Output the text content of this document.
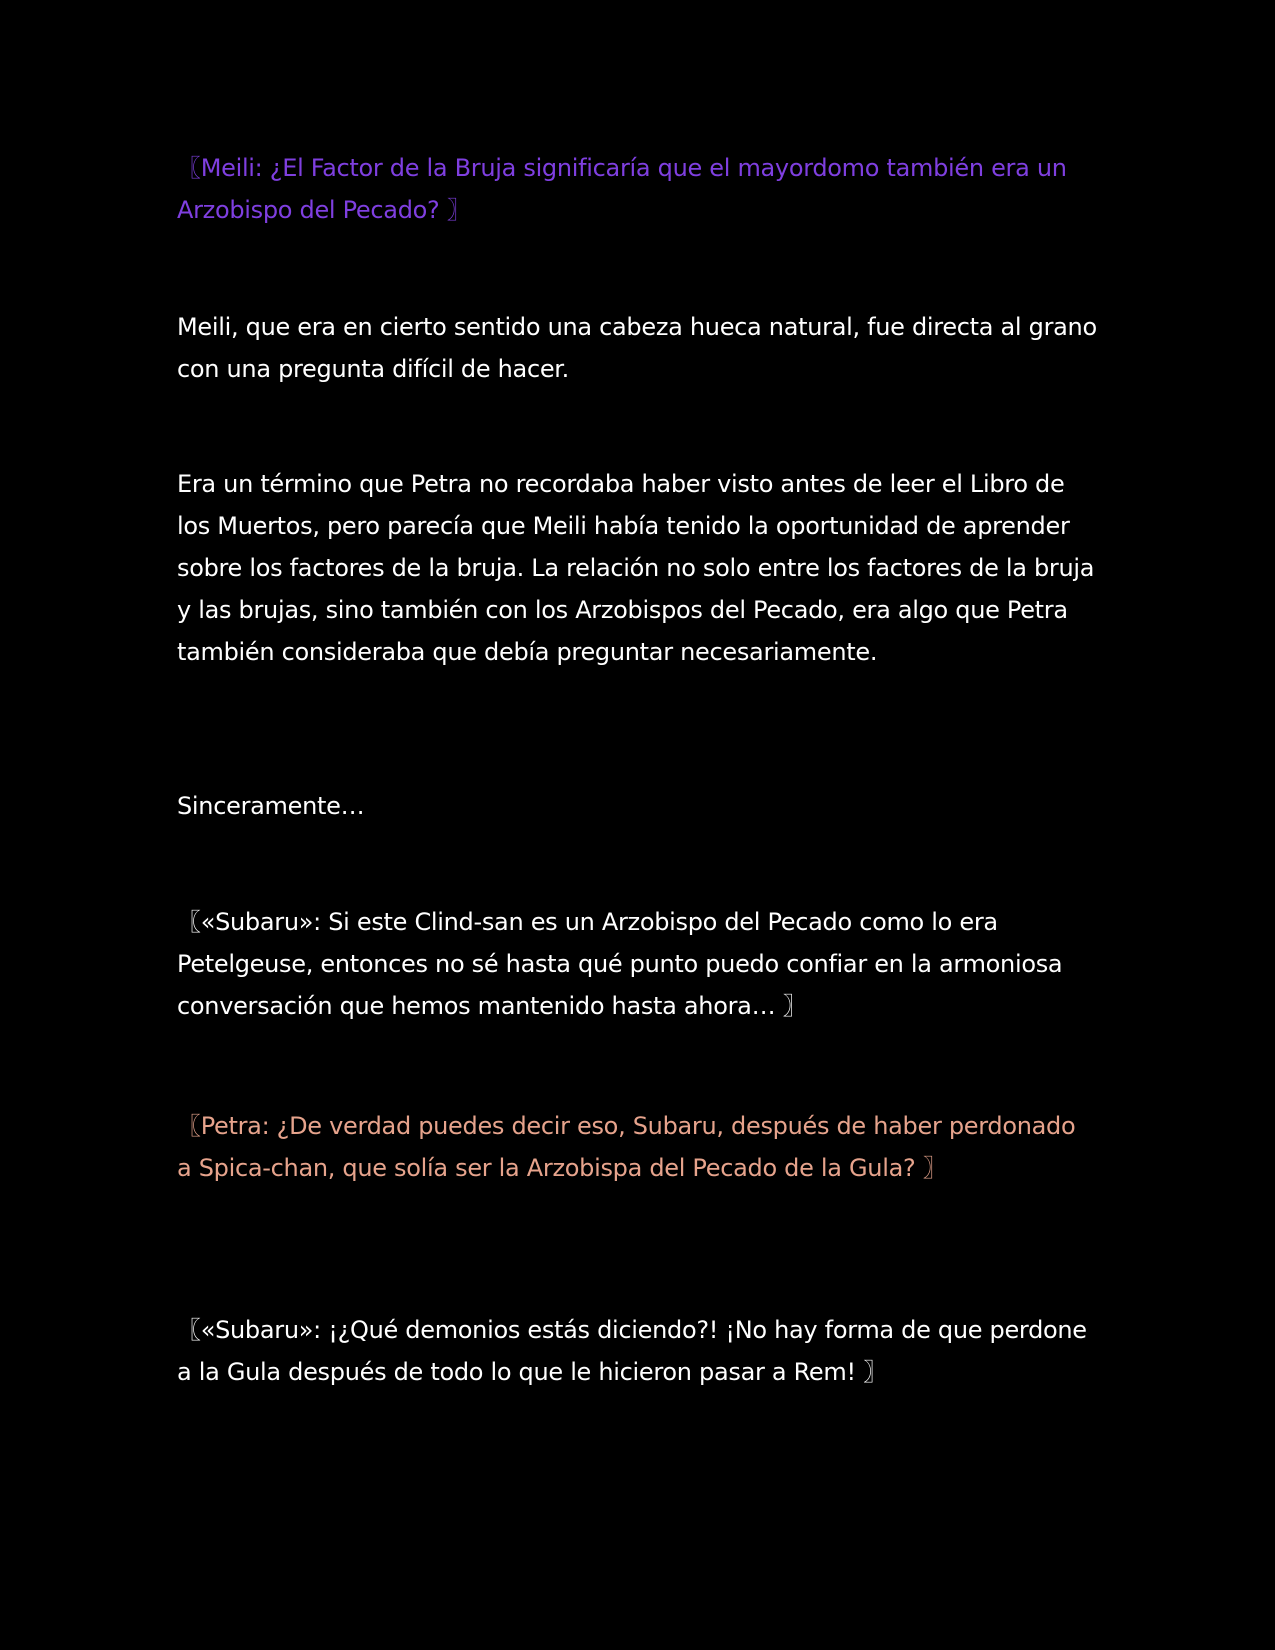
〖Meili: ¿El Factor de la Bruja significaría que el mayordomo también era un Arzobispo del Pecado? 〗

Meili, que era en cierto sentido una cabeza hueca natural, fue directa al grano con una pregunta difícil de hacer.

Era un término que Petra no recordaba haber visto antes de leer el Libro de los Muertos, pero parecía que Meili había tenido la oportunidad de aprender sobre los factores de la bruja. La relación no solo entre los factores de la bruja y las brujas, sino también con los Arzobispos del Pecado, era algo que Petra también consideraba que debía preguntar necesariamente.

Sinceramente…

〖«Subaru»: Si este Clind-san es un Arzobispo del Pecado como lo era Petelgeuse, entonces no sé hasta qué punto puedo confiar en la armoniosa conversación que hemos mantenido hasta ahora… 〗

〖Petra: ¿De verdad puedes decir eso, Subaru, después de haber perdonado a Spica-chan, que solía ser la Arzobispa del Pecado de la Gula? 〗

〖«Subaru»: ¡¿Qué demonios estás diciendo?! ¡No hay forma de que perdone a la Gula después de todo lo que le hicieron pasar a Rem! 〗
